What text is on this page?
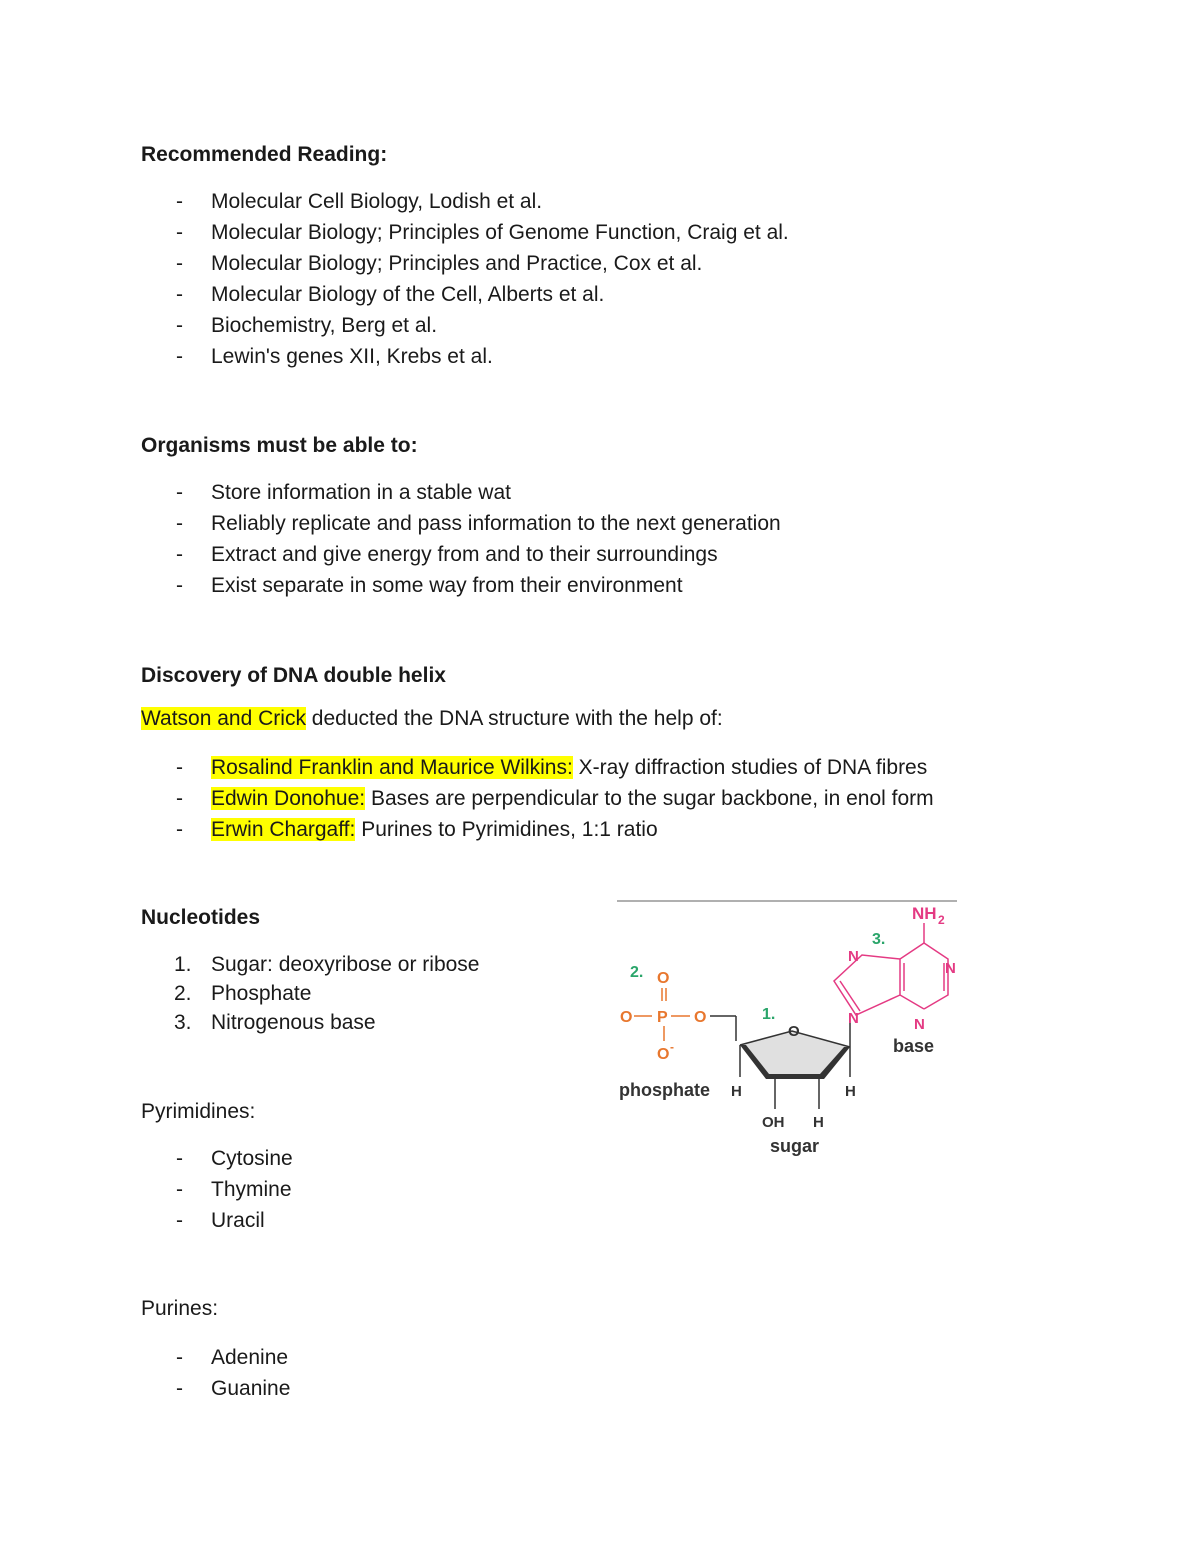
Recommended Reading:
- Molecular Cell Biology, Lodish et al.
- Molecular Biology; Principles of Genome Function, Craig et al.
- Molecular Biology; Principles and Practice, Cox et al.
- Molecular Biology of the Cell, Alberts et al.
- Biochemistry, Berg et al.
- Lewin's genes XII, Krebs et al.
Organisms must be able to:
- Store information in a stable wat
- Reliably replicate and pass information to the next generation
- Extract and give energy from and to their surroundings
- Exist separate in some way from their environment
Discovery of DNA double helix

Watson and Crick deducted the DNA structure with the help of:

- Rosalind Franklin and Maurice Wilkins: X-ray diffraction studies of DNA fibres
- Edwin Donohue: Bases are perpendicular to the sugar backbone, in enol form
- Erwin Chargaff: Purines to Pyrimidines, 1:1 ratio
Nucleotides
1. Sugar: deoxyribose or ribose
2. Phosphate
3. Nitrogenous base

Pyrimidines:

- Cytosine
- Thymine
- Uracil

Purines:

- Adenine
- Guanine
2. O
O P O
O -
phosphate
1.
O
H	H
OH H
sugar
3.
NH 2
N
N
N
N
base
